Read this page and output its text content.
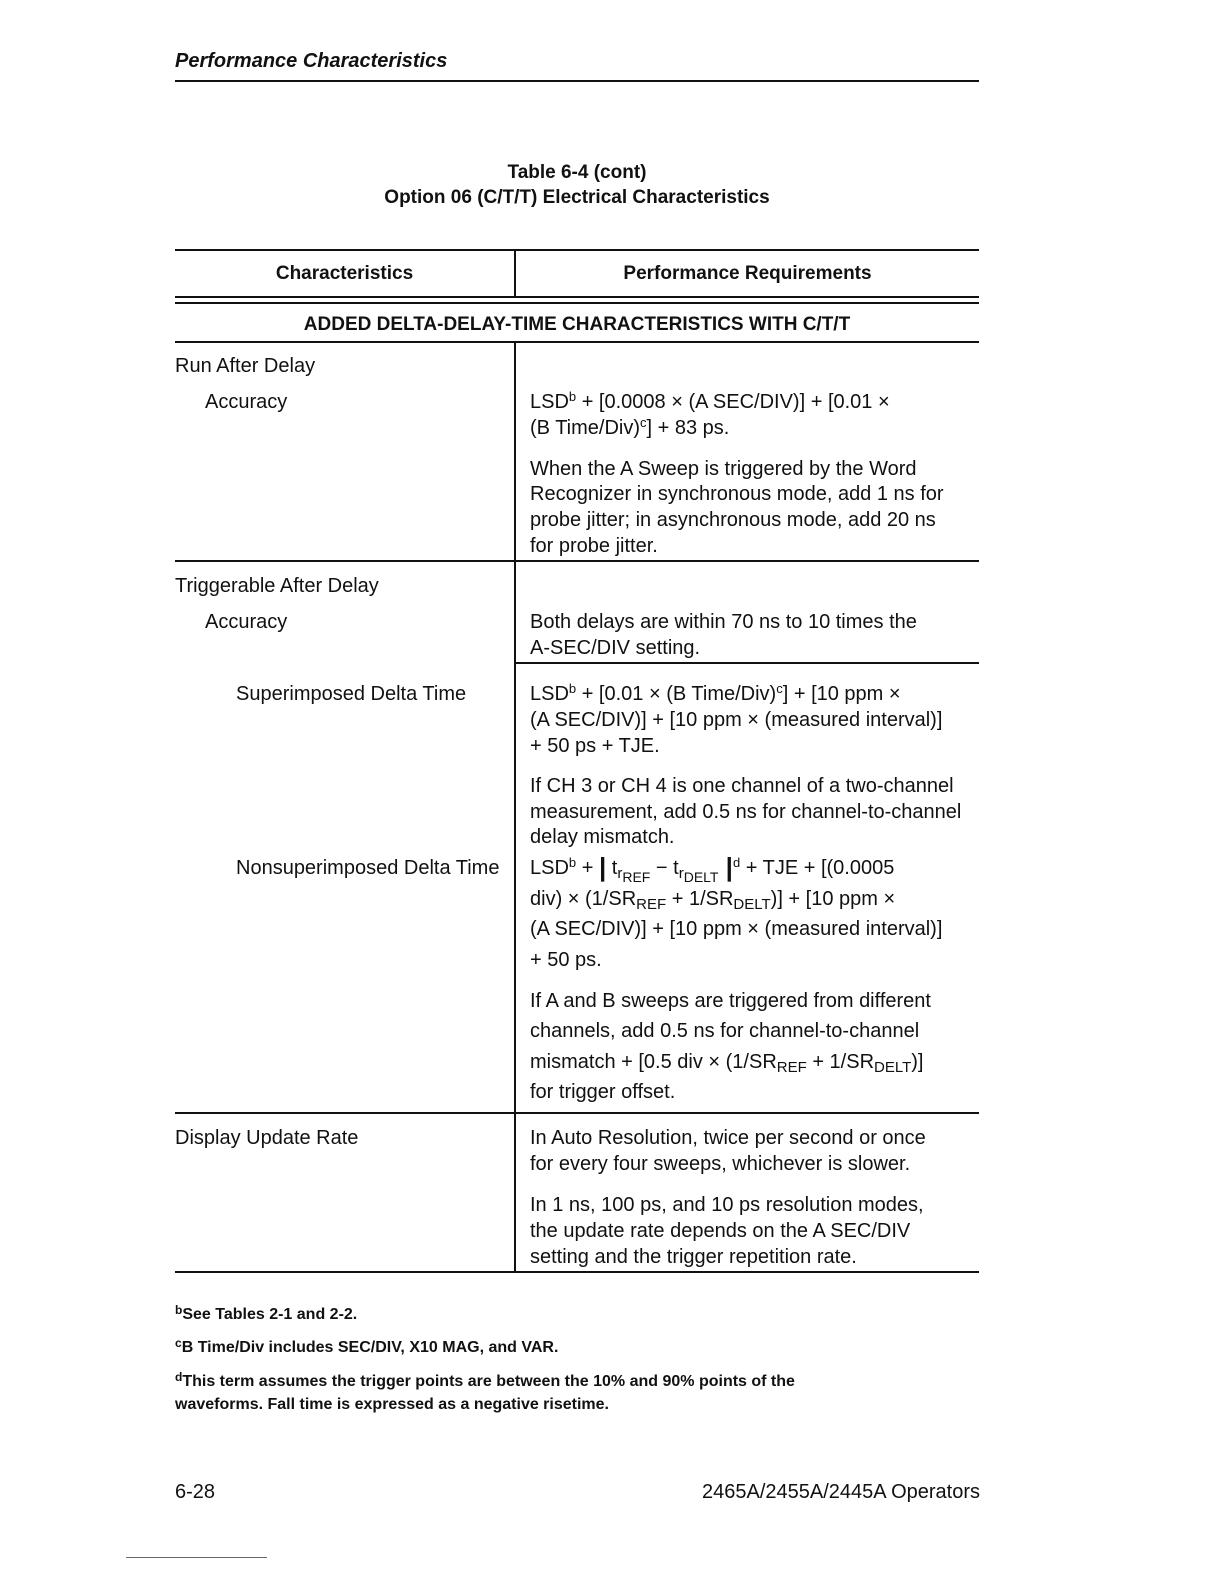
Performance Characteristics
Table 6-4 (cont)
Option 06 (C/T/T) Electrical Characteristics
Characteristics	Performance Requirements
ADDED DELTA-DELAY-TIME CHARACTERISTICS WITH C/T/T
Run After Delay
Accuracy	$LSD^b + [0.0008 \times (A$ SEC/DIV)] + [0.01 ×
(B Time/Div)$^c$] + 83 ps.
When the A Sweep is triggered by the Word
Recognizer in synchronous mode, add 1 ns for
probe jitter; in asynchronous mode, add 20 ns
for probe jitter.
Triggerable After Delay
Accuracy	Both delays are within 70 ns to 10 times the
A-SEC/DIV setting.
Superimposed Delta Time	$LSD^b + [0.01 \times (B$ Time/Div)$^c$] + [10 ppm ×
(A SEC/DIV)] + [10 ppm × (measured interval)]
+ 50 ps + TJE.
If CH 3 or CH 4 is one channel of a two-channel
measurement, add 0.5 ns for channel-to-channel
delay mismatch.
Nonsuperimposed Delta Time $LSD^b$ + | $t_{rREF} - t_{rDELT}$ $|^d$ + TJE + [(0.0005
$div) \times (1/SR_{REF} + 1/SR_{DELT})] + [10$ ppm ×
(A SEC/DIV)] + [10 ppm × (measured interval)]
+ 50 ps.
If A and B sweeps are triggered from different
channels, add 0.5 ns for channel-to-channel
mismatch + [0.5 div × $(1/SR_{REF} + 1/SR_{DELT})$]
for trigger offset.
Display Update Rate	In Auto Resolution, twice per second or once
for every four sweeps, whichever is slower.
In 1 ns, 100 ps, and 10 ps resolution modes,
the update rate depends on the A SEC/DIV
setting and the trigger repetition rate.
$^b$See Tables 2-1 and 2-2.
$^c$B Time/Div includes SEC/DIV, X10 MAG, and VAR.
$^d$This term assumes the trigger points are between the 10% and 90% points of the
waveforms. Fall time is expressed as a negative risetime.
6-28	2465A/2455A/2445A Operators
